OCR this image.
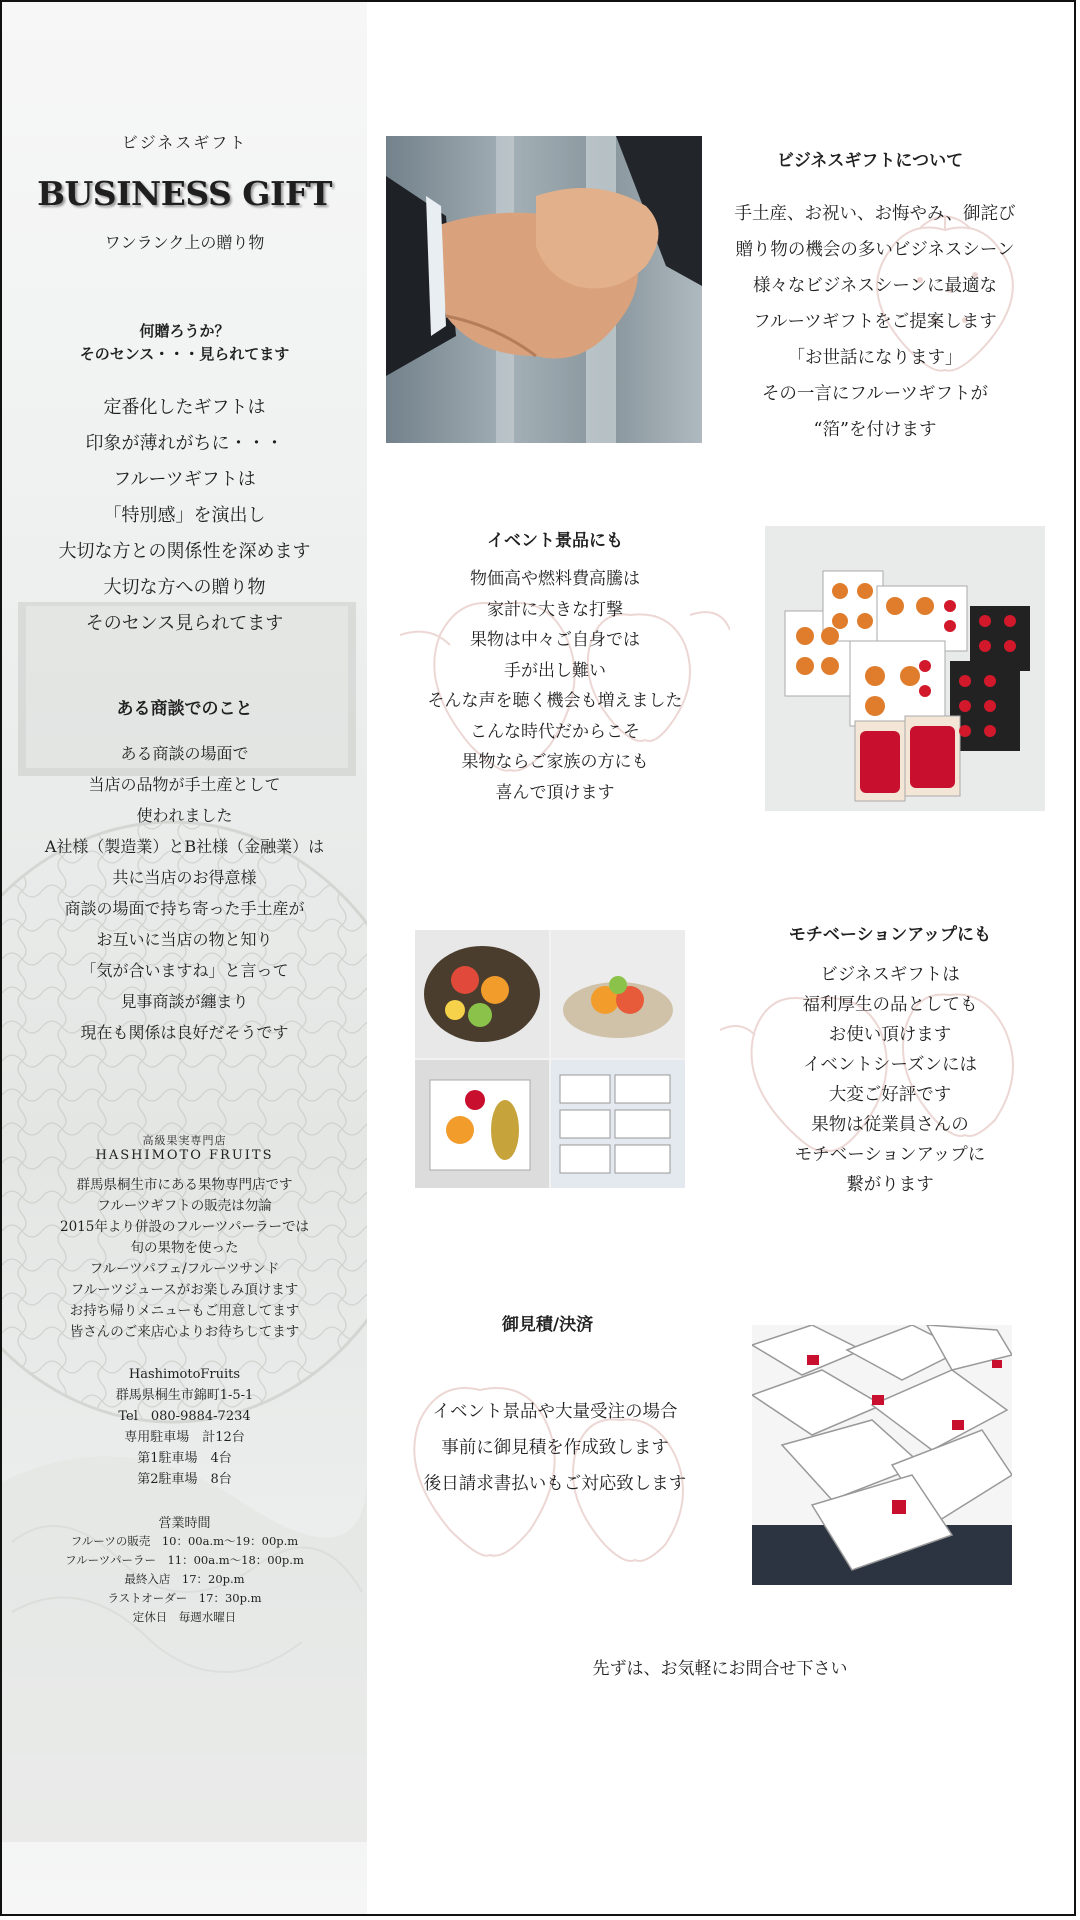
ビジネスギフト
BUSINESS GIFT
ワンランク上の贈り物
何贈ろうか？
そのセンス・・・見られてます
定番化したギフトは
印象が薄れがちに・・・
フルーツギフトは
「特別感」を演出し
大切な方との関係性を深めます
大切な方への贈り物
そのセンス見られてます
ある商談でのこと
ある商談の場面で
当店の品物が手土産として
使われました
A社様（製造業）とB社様（金融業）は
共に当店のお得意様
商談の場面で持ち寄った手土産が
お互いに当店の物と知り
「気が合いますね」と言って
見事商談が纏まり
現在も関係は良好だそうです
高級果実専門店
HASHIMOTO FRUITS
群馬県桐生市にある果物専門店です
フルーツギフトの販売は勿論
2015年より併設のフルーツパーラーでは
旬の果物を使った
フルーツパフェ/フルーツサンド
フルーツジュースがお楽しみ頂けます
お持ち帰りメニューもご用意してます
皆さんのご来店心よりお待ちしてます
HashimotoFruits
群馬県桐生市錦町1-5-1
Tel　080-9884-7234
専用駐車場　計12台
第1駐車場　4台
第2駐車場　8台
営業時間
フルーツの販売　10：00a.m～19：00p.m
フルーツパーラー　11：00a.m～18：00p.m
最終入店　17：20p.m
ラストオーダー　17：30p.m
定休日　毎週水曜日
ビジネスギフトについて
手土産、お祝い、お悔やみ、御詫び
贈り物の機会の多いビジネスシーン
様々なビジネスシーンに最適な
フルーツギフトをご提案します
「お世話になります」
その一言にフルーツギフトが
“箔”を付けます
イベント景品にも
物価高や燃料費高騰は
家計に大きな打撃
果物は中々ご自身では
手が出し難い
そんな声を聴く機会も増えました
こんな時代だからこそ
果物ならご家族の方にも
喜んで頂けます
モチベーションアップにも
ビジネスギフトは
福利厚生の品としても
お使い頂けます
イベントシーズンには
大変ご好評です
果物は従業員さんの
モチベーションアップに
繋がります
御見積/決済
イベント景品や大量受注の場合
事前に御見積を作成致します
後日請求書払いもご対応致します
先ずは、お気軽にお問合せ下さい
